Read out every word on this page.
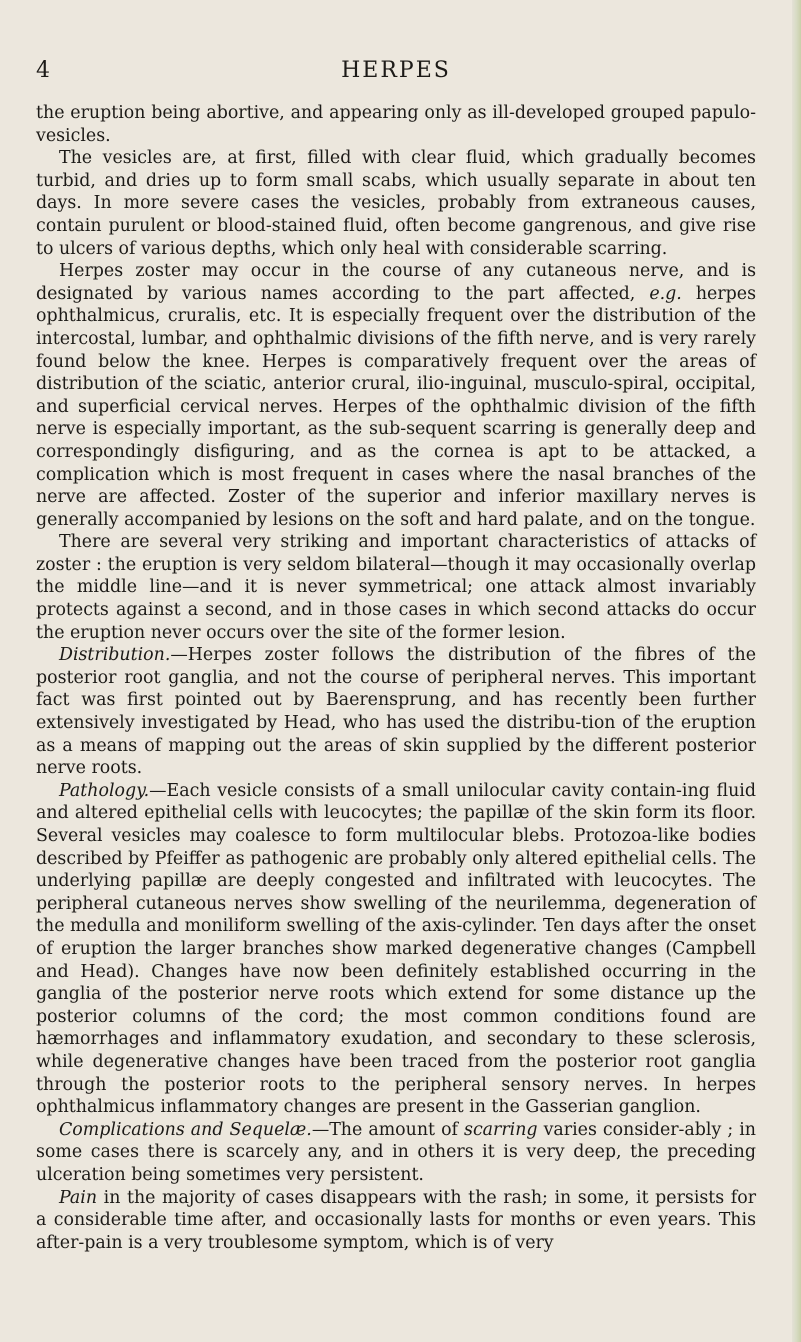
4	HERPES

the eruption being abortive, and appearing only as ill-developed grouped papulo-vesicles.

The vesicles are, at first, filled with clear fluid, which gradually becomes turbid, and dries up to form small scabs, which usually separate in about ten days. In more severe cases the vesicles, probably from extraneous causes, contain purulent or blood-stained fluid, often become gangrenous, and give rise to ulcers of various depths, which only heal with considerable scarring.

Herpes zoster may occur in the course of any cutaneous nerve, and is designated by various names according to the part affected, e.g. herpes ophthalmicus, cruralis, etc. It is especially frequent over the distribution of the intercostal, lumbar, and ophthalmic divisions of the fifth nerve, and is very rarely found below the knee. Herpes is comparatively frequent over the areas of distribution of the sciatic, anterior crural, ilio-inguinal, musculo-spiral, occipital, and superficial cervical nerves. Herpes of the ophthalmic division of the fifth nerve is especially important, as the sub-sequent scarring is generally deep and correspondingly disfiguring, and as the cornea is apt to be attacked, a complication which is most frequent in cases where the nasal branches of the nerve are affected. Zoster of the superior and inferior maxillary nerves is generally accompanied by lesions on the soft and hard palate, and on the tongue.

There are several very striking and important characteristics of attacks of zoster : the eruption is very seldom bilateral—though it may occasionally overlap the middle line—and it is never symmetrical; one attack almost invariably protects against a second, and in those cases in which second attacks do occur the eruption never occurs over the site of the former lesion.

Distribution.—Herpes zoster follows the distribution of the fibres of the posterior root ganglia, and not the course of peripheral nerves. This important fact was first pointed out by Baerensprung, and has recently been further extensively investigated by Head, who has used the distribu-tion of the eruption as a means of mapping out the areas of skin supplied by the different posterior nerve roots.

Pathology.—Each vesicle consists of a small unilocular cavity contain-ing fluid and altered epithelial cells with leucocytes; the papillæ of the skin form its floor. Several vesicles may coalesce to form multilocular blebs. Protozoa-like bodies described by Pfeiffer as pathogenic are probably only altered epithelial cells. The underlying papillæ are deeply congested and infiltrated with leucocytes. The peripheral cutaneous nerves show swelling of the neurilemma, degeneration of the medulla and moniliform swelling of the axis-cylinder. Ten days after the onset of eruption the larger branches show marked degenerative changes (Campbell and Head). Changes have now been definitely established occurring in the ganglia of the posterior nerve roots which extend for some distance up the posterior columns of the cord; the most common conditions found are hæmorrhages and inflammatory exudation, and secondary to these sclerosis, while degenerative changes have been traced from the posterior root ganglia through the posterior roots to the peripheral sensory nerves. In herpes ophthalmicus inflammatory changes are present in the Gasserian ganglion.

Complications and Sequelæ.—The amount of scarring varies consider-ably ; in some cases there is scarcely any, and in others it is very deep, the preceding ulceration being sometimes very persistent.

Pain in the majority of cases disappears with the rash; in some, it persists for a considerable time after, and occasionally lasts for months or even years. This after-pain is a very troublesome symptom, which is of very
